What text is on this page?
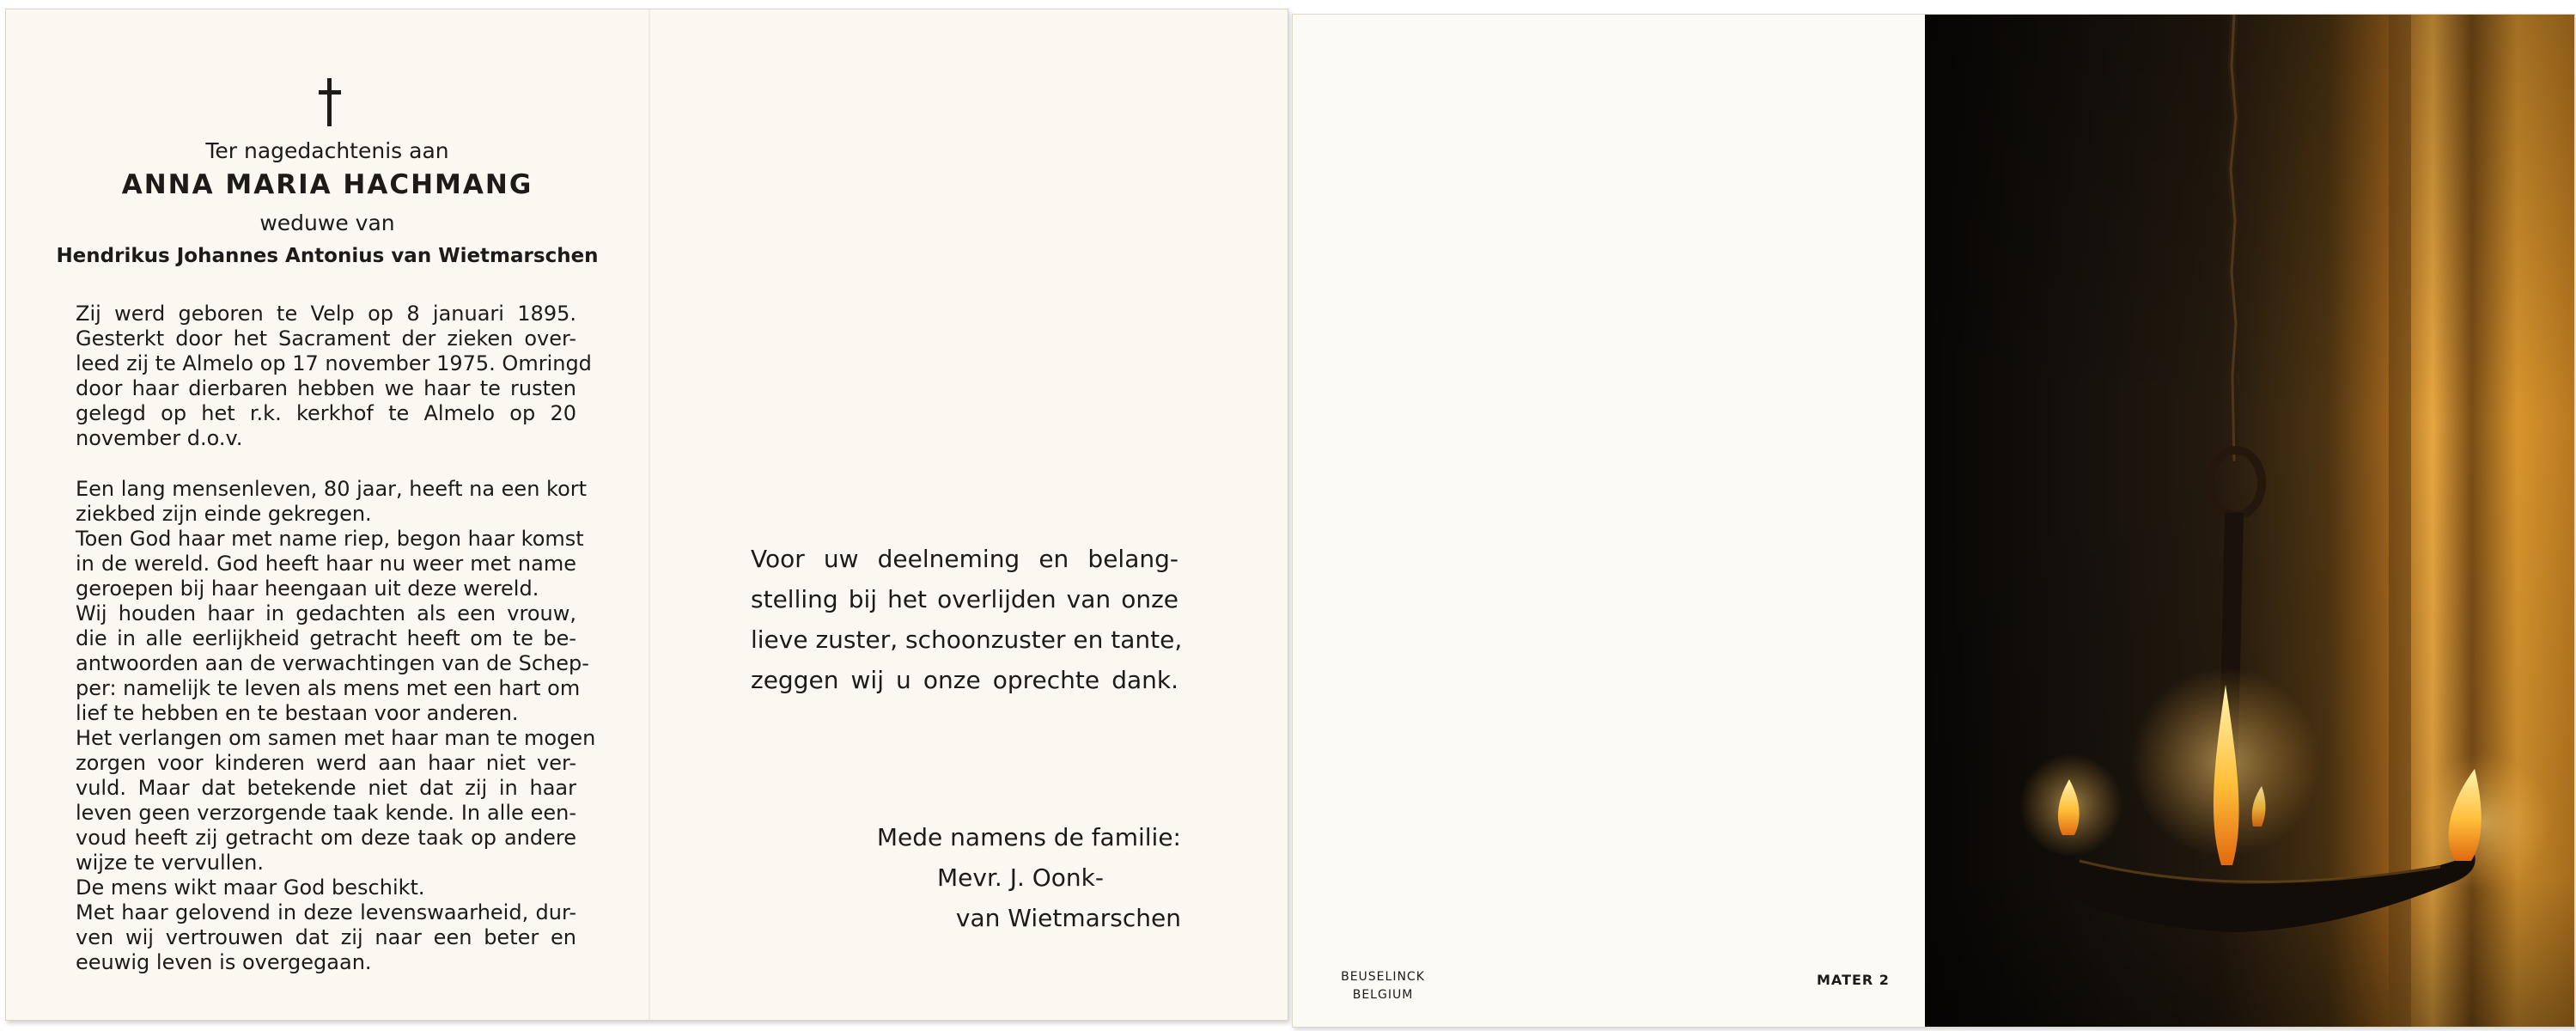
Ter nagedachtenis aan
ANNA MARIA HACHMANG
weduwe van
Hendrikus Johannes Antonius van Wietmarschen
Zij werd geboren te Velp op 8 januari 1895.
Gesterkt door het Sacrament der zieken over-
leed zij te Almelo op 17 november 1975. Omringd
door haar dierbaren hebben we haar te rusten
gelegd op het r.k. kerkhof te Almelo op 20
november d.o.v.
Een lang mensenleven, 80 jaar, heeft na een kort
ziekbed zijn einde gekregen.
Toen God haar met name riep, begon haar komst
in de wereld. God heeft haar nu weer met name
geroepen bij haar heengaan uit deze wereld.
Wij houden haar in gedachten als een vrouw,
die in alle eerlijkheid getracht heeft om te be-
antwoorden aan de verwachtingen van de Schep-
per: namelijk te leven als mens met een hart om
lief te hebben en te bestaan voor anderen.
Het verlangen om samen met haar man te mogen
zorgen voor kinderen werd aan haar niet ver-
vuld. Maar dat betekende niet dat zij in haar
leven geen verzorgende taak kende. In alle een-
voud heeft zij getracht om deze taak op andere
wijze te vervullen.
De mens wikt maar God beschikt.
Met haar gelovend in deze levenswaarheid, dur-
ven wij vertrouwen dat zij naar een beter en
eeuwig leven is overgegaan.
Voor uw deelneming en belang-
stelling bij het overlijden van onze
lieve zuster, schoonzuster en tante,
zeggen wij u onze oprechte dank.
Mede namens de familie:
Mevr. J. Oonk-
van Wietmarschen
BEUSELINCK
BELGIUM
MATER 2
